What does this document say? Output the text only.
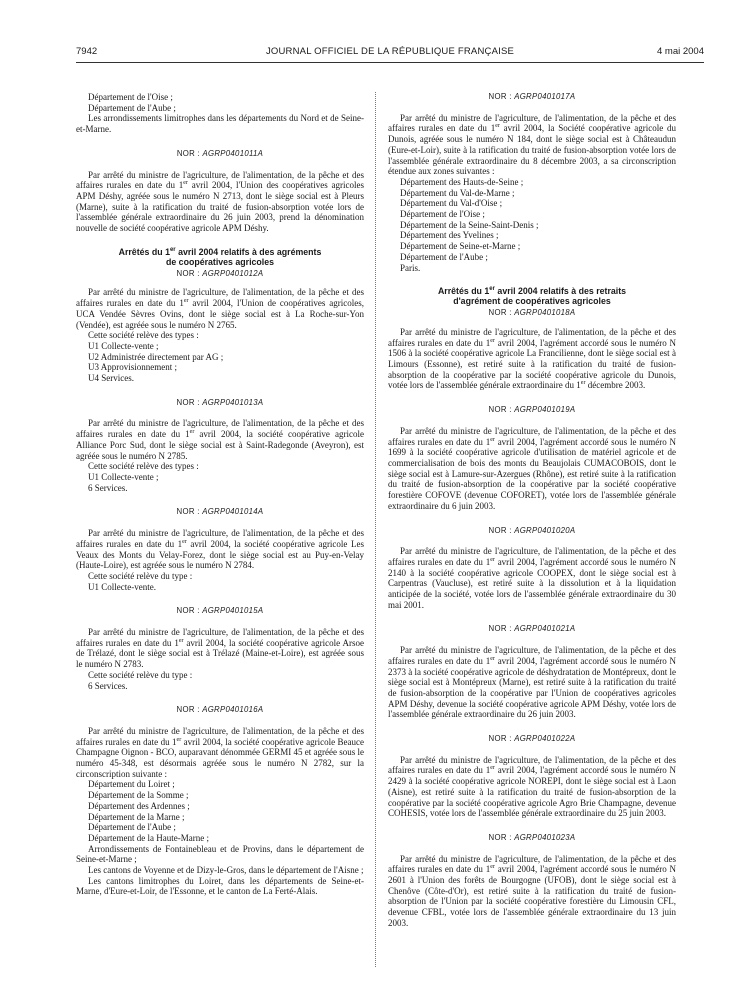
7942	JOURNAL OFFICIEL DE LA RÉPUBLIQUE FRANÇAISE	4 mai 2004

Département de l'Oise ;

Département de l'Aube ;

Les arrondissements limitrophes dans les départements du Nord et de Seine-et-Marne.

NOR : AGRP0401011A

Par arrêté du ministre de l'agriculture, de l'alimentation, de la pêche et des affaires rurales en date du 1er avril 2004, l'Union des coopératives agricoles APM Déshy, agréée sous le numéro N 2713, dont le siège social est à Pleurs (Marne), suite à la ratification du traité de fusion-absorption votée lors de l'assemblée générale extraordinaire du 26 juin 2003, prend la dénomination nouvelle de société coopérative agricole APM Déshy.

Arrêtés du 1er avril 2004 relatifs à des agréments
de coopératives agricoles
NOR : AGRP0401012A

Par arrêté du ministre de l'agriculture, de l'alimentation, de la pêche et des affaires rurales en date du 1er avril 2004, l'Union de coopératives agricoles, UCA Vendée Sèvres Ovins, dont le siège social est à La Roche-sur-Yon (Vendée), est agréée sous le numéro N 2765.

Cette société relève des types :

U1 Collecte-vente ;

U2 Administrée directement par AG ;

U3 Approvisionnement ;

U4 Services.

NOR : AGRP0401013A

Par arrêté du ministre de l'agriculture, de l'alimentation, de la pêche et des affaires rurales en date du 1er avril 2004, la société coopérative agricole Alliance Porc Sud, dont le siège social est à Saint-Radegonde (Aveyron), est agréée sous le numéro N 2785.

Cette société relève des types :

U1 Collecte-vente ;

6 Services.

NOR : AGRP0401014A

Par arrêté du ministre de l'agriculture, de l'alimentation, de la pêche et des affaires rurales en date du 1er avril 2004, la société coopérative agricole Les Veaux des Monts du Velay-Forez, dont le siège social est au Puy-en-Velay (Haute-Loire), est agréée sous le numéro N 2784.

Cette société relève du type :

U1 Collecte-vente.

NOR : AGRP0401015A

Par arrêté du ministre de l'agriculture, de l'alimentation, de la pêche et des affaires rurales en date du 1er avril 2004, la société coopérative agricole Arsoe de Trélazé, dont le siège social est à Trélazé (Maine-et-Loire), est agréée sous le numéro N 2783.

Cette société relève du type :

6 Services.

NOR : AGRP0401016A

Par arrêté du ministre de l'agriculture, de l'alimentation, de la pêche et des affaires rurales en date du 1er avril 2004, la société coopérative agricole Beauce Champagne Oignon - BCO, auparavant dénommée GERMI 45 et agréée sous le numéro 45-348, est désormais agréée sous le numéro N 2782, sur la circonscription suivante :

Département du Loiret ;

Département de la Somme ;

Département des Ardennes ;

Département de la Marne ;

Département de l'Aube ;

Département de la Haute-Marne ;

Arrondissements de Fontainebleau et de Provins, dans le département de Seine-et-Marne ;

Les cantons de Voyenne et de Dizy-le-Gros, dans le département de l'Aisne ;

Les cantons limitrophes du Loiret, dans les départements de Seine-et-Marne, d'Eure-et-Loir, de l'Essonne, et le canton de La Ferté-Alais.

NOR : AGRP0401017A

Par arrêté du ministre de l'agriculture, de l'alimentation, de la pêche et des affaires rurales en date du 1er avril 2004, la Société coopérative agricole du Dunois, agréée sous le numéro N 184, dont le siège social est à Châteaudun (Eure-et-Loir), suite à la ratification du traité de fusion-absorption votée lors de l'assemblée générale extraordinaire du 8 décembre 2003, a sa circonscription étendue aux zones suivantes :

Département des Hauts-de-Seine ;

Département du Val-de-Marne ;

Département du Val-d'Oise ;

Département de l'Oise ;

Département de la Seine-Saint-Denis ;

Département des Yvelines ;

Département de Seine-et-Marne ;

Département de l'Aube ;

Paris.

Arrêtés du 1er avril 2004 relatifs à des retraits
d'agrément de coopératives agricoles
NOR : AGRP0401018A

Par arrêté du ministre de l'agriculture, de l'alimentation, de la pêche et des affaires rurales en date du 1er avril 2004, l'agrément accordé sous le numéro N 1506 à la société coopérative agricole La Francilienne, dont le siège social est à Limours (Essonne), est retiré suite à la ratification du traité de fusion-absorption de la coopérative par la société coopérative agricole du Dunois, votée lors de l'assemblée générale extraordinaire du 1er décembre 2003.

NOR : AGRP0401019A

Par arrêté du ministre de l'agriculture, de l'alimentation, de la pêche et des affaires rurales en date du 1er avril 2004, l'agrément accordé sous le numéro N 1699 à la société coopérative agricole d'utilisation de matériel agricole et de commercialisation de bois des monts du Beaujolais CUMACOBOIS, dont le siège social est à Lamure-sur-Azergues (Rhône), est retiré suite à la ratification du traité de fusion-absorption de la coopérative par la société coopérative forestière COFOVE (devenue COFORET), votée lors de l'assemblée générale extraordinaire du 6 juin 2003.

NOR : AGRP0401020A

Par arrêté du ministre de l'agriculture, de l'alimentation, de la pêche et des affaires rurales en date du 1er avril 2004, l'agrément accordé sous le numéro N 2140 à la société coopérative agricole COOPEX, dont le siège social est à Carpentras (Vaucluse), est retiré suite à la dissolution et à la liquidation anticipée de la société, votée lors de l'assemblée générale extraordinaire du 30 mai 2001.

NOR : AGRP0401021A

Par arrêté du ministre de l'agriculture, de l'alimentation, de la pêche et des affaires rurales en date du 1er avril 2004, l'agrément accordé sous le numéro N 2373 à la société coopérative agricole de déshydratation de Montépreux, dont le siège social est à Montépreux (Marne), est retiré suite à la ratification du traité de fusion-absorption de la coopérative par l'Union de coopératives agricoles APM Déshy, devenue la société coopérative agricole APM Déshy, votée lors de l'assemblée générale extraordinaire du 26 juin 2003.

NOR : AGRP0401022A

Par arrêté du ministre de l'agriculture, de l'alimentation, de la pêche et des affaires rurales en date du 1er avril 2004, l'agrément accordé sous le numéro N 2429 à la société coopérative agricole NOREPI, dont le siège social est à Laon (Aisne), est retiré suite à la ratification du traité de fusion-absorption de la coopérative par la société coopérative agricole Agro Brie Champagne, devenue COHESIS, votée lors de l'assemblée générale extraordinaire du 25 juin 2003.

NOR : AGRP0401023A

Par arrêté du ministre de l'agriculture, de l'alimentation, de la pêche et des affaires rurales en date du 1er avril 2004, l'agrément accordé sous le numéro N 2601 à l'Union des forêts de Bourgogne (UFOB), dont le siège social est à Chenôve (Côte-d'Or), est retiré suite à la ratification du traité de fusion-absorption de l'Union par la société coopérative forestière du Limousin CFL, devenue CFBL, votée lors de l'assemblée générale extraordinaire du 13 juin 2003.
